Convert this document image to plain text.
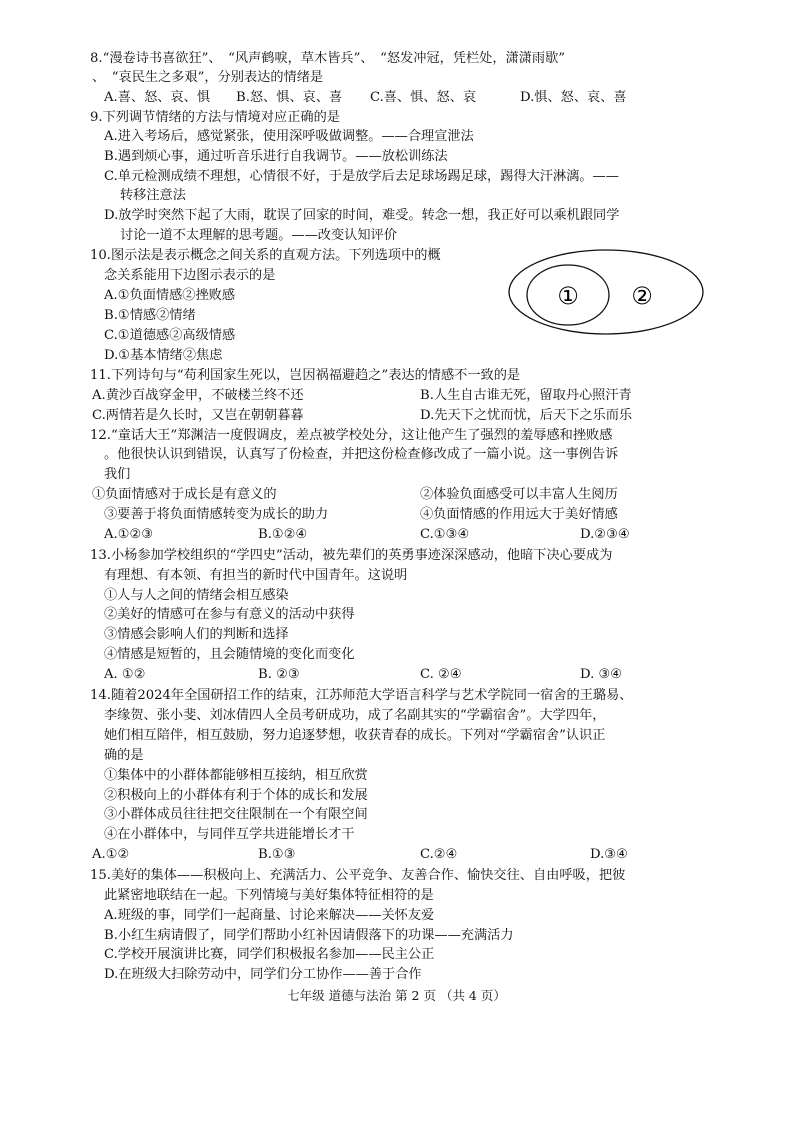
8.“漫卷诗书喜欲狂”、　“风声鹤唳，草木皆兵”、　“怒发冲冠，凭栏处，潇潇雨歇”
、　“哀民生之多艰”，分别表达的情绪是
A.喜、怒、哀、惧 B.怒、惧、哀、喜 C.喜、惧、怒、哀	D.惧、怒、哀、喜
9.下列调节情绪的方法与情境对应正确的是
A.进入考场后，感觉紧张，使用深呼吸做调整。——合理宣泄法
B.遇到烦心事，通过听音乐进行自我调节。——放松训练法
C.单元检测成绩不理想，心情很不好，于是放学后去足球场踢足球，踢得大汗淋漓。——
转移注意法
D.放学时突然下起了大雨，耽误了回家的时间，难受。转念一想，我正好可以乘机跟同学
讨论一道不太理解的思考题。——改变认知评价
10.图示法是表示概念之间关系的直观方法。下列选项中的概
念关系能用下边图示表示的是
A.①负面情感②挫败感
B.①情感②情绪
C.①道德感②高级情感
D.①基本情绪②焦虑
① ②
11.下列诗句与“苟利国家生死以，岂因祸福避趋之”表达的情感不一致的是
A.黄沙百战穿金甲，不破楼兰终不还	B.人生自古谁无死，留取丹心照汗青
C.两情若是久长时，又岂在朝朝暮暮	D.先天下之忧而忧，后天下之乐而乐
12.“童话大王”郑渊洁一度假调皮，差点被学校处分，这让他产生了强烈的羞辱感和挫败感
。他很快认识到错误，认真写了份检查，并把这份检查修改成了一篇小说。这一事例告诉
我们
①负面情感对于成长是有意义的	②体验负面感受可以丰富人生阅历
③要善于将负面情感转变为成长的助力	④负面情感的作用远大于美好情感
A.①②③	B.①②④	C.①③④	D.②③④
13.小杨参加学校组织的“学四史”活动，被先辈们的英勇事迹深深感动，他暗下决心要成为
有理想、有本领、有担当的新时代中国青年。这说明
①人与人之间的情绪会相互感染
②美好的情感可在参与有意义的活动中获得
③情感会影响人们的判断和选择
④情感是短暂的，且会随情境的变化而变化
A. ①②	B. ②③	C. ②④	D. ③④
14.随着2024年全国研招工作的结束，江苏师范大学语言科学与艺术学院同一宿舍的王璐易、
李缘贺、张小斐、刘冰倩四人全员考研成功，成了名副其实的“学霸宿舍”。大学四年，
她们相互陪伴，相互鼓励，努力追逐梦想，收获青春的成长。下列对“学霸宿舍”认识正
确的是
①集体中的小群体都能够相互接纳，相互欣赏
②积极向上的小群体有利于个体的成长和发展
③小群体成员往往把交往限制在一个有限空间
④在小群体中，与同伴互学共进能增长才干
A.①②	B.①③	C.②④	D.③④
15.美好的集体——积极向上、充满活力、公平竞争、友善合作、愉快交往、自由呼吸，把彼
此紧密地联结在一起。下列情境与美好集体特征相符的是
A.班级的事，同学们一起商量、讨论来解决——关怀友爱
B.小红生病请假了，同学们帮助小红补因请假落下的功课——充满活力
C.学校开展演讲比赛，同学们积极报名参加——民主公正
D.在班级大扫除劳动中，同学们分工协作——善于合作
七年级 道德与法治 第 2 页 （共 4 页）
